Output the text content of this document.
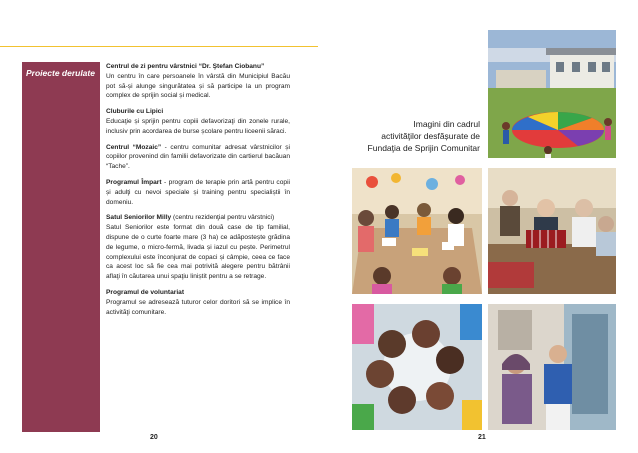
Proiecte derulate

Centrul de zi pentru vârstnici “Dr. Ştefan Ciobanu”
Un centru în care persoanele în vârstă din Municipiul Bacău pot să-și alunge singurătatea și să participe la un program complex de sprijin social și medical.

Cluburile cu Lipici
Educaţie și sprijin pentru copiii defavorizaţi din zonele rurale, inclusiv prin acordarea de burse școlare pentru liceenii săraci.

Centrul “Mozaic” - centru comunitar adresat vârstnicilor și copiilor provenind din familii defavorizate din cartierul bacăuan “Tache”.

Programul Împart - program de terapie prin artă pentru copii și adulţi cu nevoi speciale și training pentru specialiștii în domeniu.

Satul Seniorilor Milly (centru rezidenţial pentru vârstnici)
Satul Seniorilor este format din două case de tip familial, dispune de o curte foarte mare (3 ha) ce adăpostește grădina de legume, o micro-fermă, livada și iazul cu pește. Perimetrul complexului este înconjurat de copaci și câmpie, ceea ce face ca acest loc să fie cea mai potrivită alegere pentru bătrânii aflaţi în căutarea unui spaţiu liniștit pentru a se retrage.

Programul de voluntariat
Programul se adresează tuturor celor doritori să se implice în activităţi comunitare.

Imagini din cadrul
activităţilor desfășurate de
Fundaţia de Sprijin Comunitar
20	21
